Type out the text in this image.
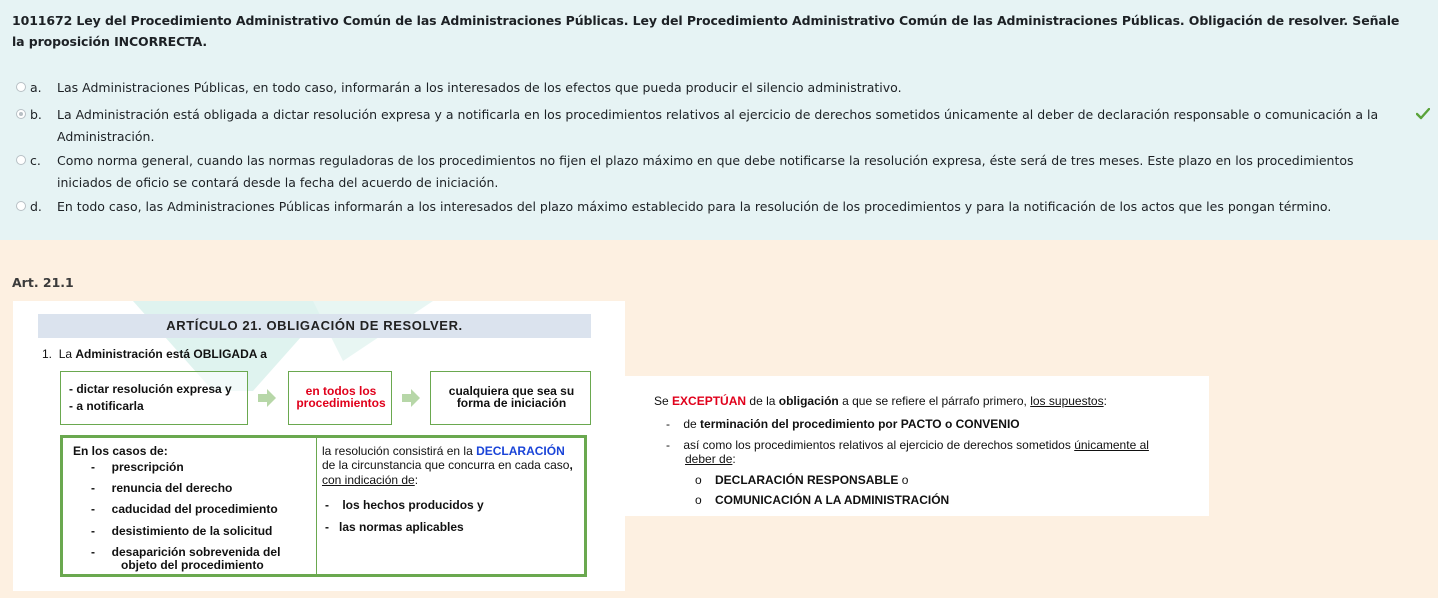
1011672 Ley del Procedimiento Administrativo Común de las Administraciones Públicas. Ley del Procedimiento Administrativo Común de las Administraciones Públicas. Obligación de resolver. Señale la proposición INCORRECTA.
a. Las Administraciones Públicas, en todo caso, informarán a los interesados de los efectos que pueda producir el silencio administrativo.
b. La Administración está obligada a dictar resolución expresa y a notificarla en los procedimientos relativos al ejercicio de derechos sometidos únicamente al deber de declaración responsable o comunicación a la Administración.
c. Como norma general, cuando las normas reguladoras de los procedimientos no fijen el plazo máximo en que debe notificarse la resolución expresa, éste será de tres meses. Este plazo en los procedimientos iniciados de oficio se contará desde la fecha del acuerdo de iniciación.
d. En todo caso, las Administraciones Públicas informarán a los interesados del plazo máximo establecido para la resolución de los procedimientos y para la notificación de los actos que les pongan término.
Art. 21.1
ARTÍCULO 21. OBLIGACIÓN DE RESOLVER.
1. La Administración está OBLIGADA a
- dictar resolución expresa y
- a notificarla
en todos los
procedimientos
cualquiera que sea su
forma de iniciación
En los casos de:
-     prescripción
-     renuncia del derecho
-     caducidad del procedimiento
-     desistimiento de la solicitud
-     desaparición sobrevenida del
objeto del procedimiento
la resolución consistirá en la DECLARACIÓN
de la circunstancia que concurra en cada caso,
con indicación de:
-    los hechos producidos y
-   las normas aplicables
Se EXCEPTÚAN de la obligación a que se refiere el párrafo primero, los supuestos:
-    de terminación del procedimiento por PACTO o CONVENIO
-    así como los procedimientos relativos al ejercicio de derechos sometidos únicamente al
deber de:
o    DECLARACIÓN RESPONSABLE o
o    COMUNICACIÓN A LA ADMINISTRACIÓN
